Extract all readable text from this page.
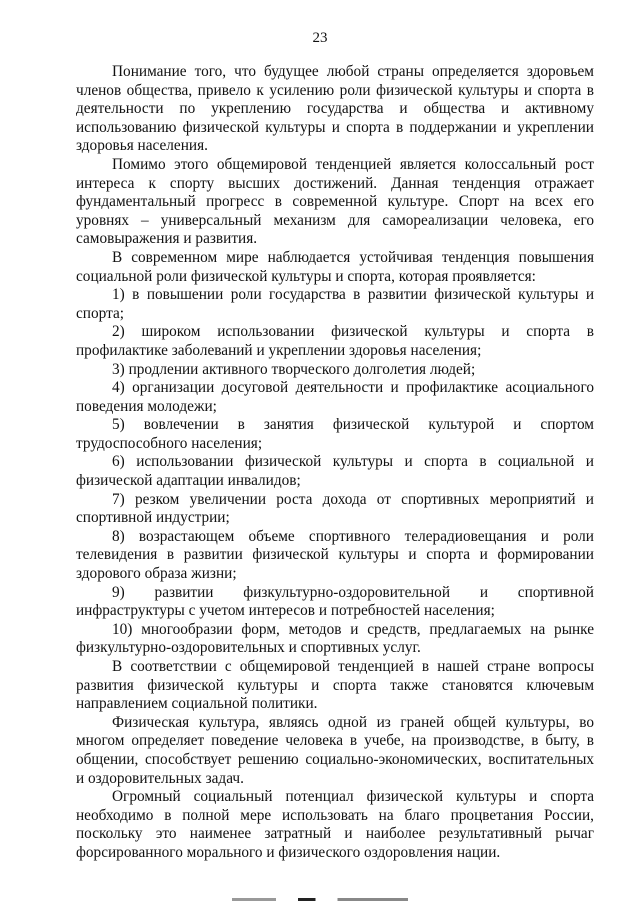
23

Понимание того, что будущее любой страны определяется здоровьем членов общества, привело к усилению роли физической культуры и спорта в деятельности по укреплению государства и общества и активному использованию физической культуры и спорта в поддержании и укреплении здоровья населения.

Помимо этого общемировой тенденцией является колоссальный рост интереса к спорту высших достижений. Данная тенденция отражает фундаментальный прогресс в современной культуре. Спорт на всех его уровнях – универсальный механизм для самореализации человека, его самовыражения и развития.

В современном мире наблюдается устойчивая тенденция повышения социальной роли физической культуры и спорта, которая проявляется:

1) в повышении роли государства в развитии физической культуры и спорта;

2) широком использовании физической культуры и спорта в профилактике заболеваний и укреплении здоровья населения;

3) продлении активного творческого долголетия людей;

4) организации досуговой деятельности и профилактике асоциального поведения молодежи;

5) вовлечении в занятия физической культурой и спортом трудоспособного населения;

6) использовании физической культуры и спорта в социальной и физической адаптации инвалидов;

7) резком увеличении роста дохода от спортивных мероприятий и спортивной индустрии;

8) возрастающем объеме спортивного телерадиовещания и роли телевидения в развитии физической культуры и спорта и формировании здорового образа жизни;

9) развитии физкультурно-оздоровительной и спортивной инфраструктуры с учетом интересов и потребностей населения;

10) многообразии форм, методов и средств, предлагаемых на рынке физкультурно-оздоровительных и спортивных услуг.

В соответствии с общемировой тенденцией в нашей стране вопросы развития физической культуры и спорта также становятся ключевым направлением социальной политики.

Физическая культура, являясь одной из граней общей культуры, во многом определяет поведение человека в учебе, на производстве, в быту, в общении, способствует решению социально-экономических, воспитательных и оздоровительных задач.

Огромный социальный потенциал физической культуры и спорта необходимо в полной мере использовать на благо процветания России, поскольку это наименее затратный и наиболее результативный рычаг форсированного морального и физического оздоровления нации.
